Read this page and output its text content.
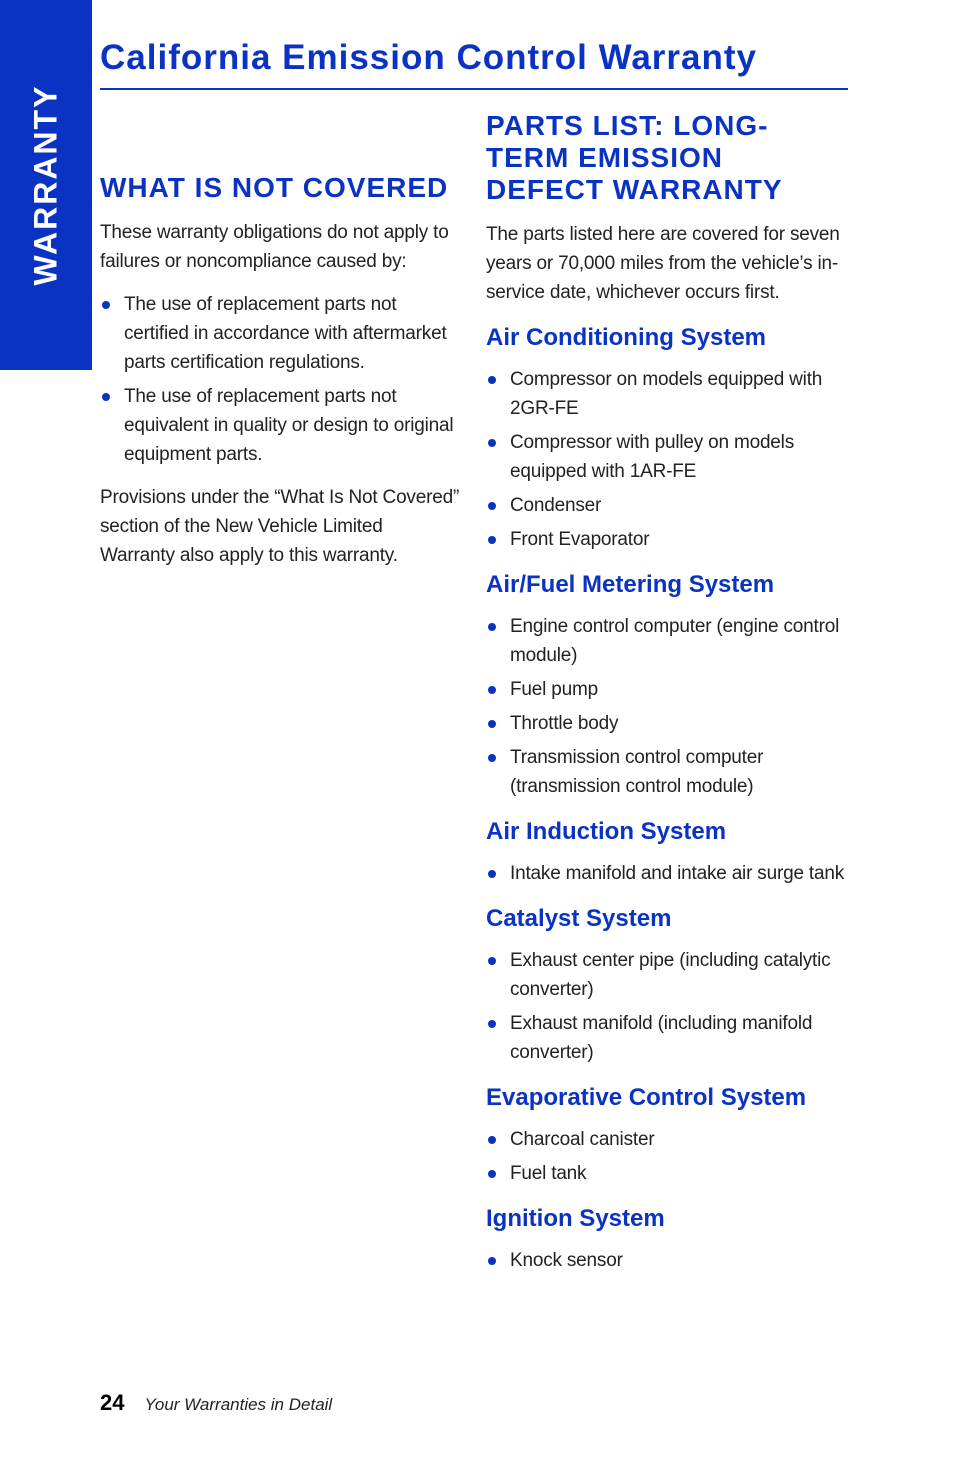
WARRANTY
California Emission Control Warranty
WHAT IS NOT COVERED

These warranty obligations do not apply to failures or noncompliance caused by:

The use of replacement parts not certified in accordance with aftermarket parts certification regulations.
The use of replacement parts not equivalent in quality or design to original equipment parts.

Provisions under the “What Is Not Covered” section of the New Vehicle Limited Warranty also apply to this warranty.

PARTS LIST: LONG-TERM EMISSION DEFECT WARRANTY

The parts listed here are covered for seven years or 70,000 miles from the vehicle’s in-service date, whichever occurs first.

Air Conditioning System
Compressor on models equipped with 2GR-FE
Compressor with pulley on models equipped with 1AR-FE
Condenser
Front Evaporator
Air/Fuel Metering System
Engine control computer (engine control module)
Fuel pump
Throttle body
Transmission control computer (transmission control module)
Air Induction System
Intake manifold and intake air surge tank
Catalyst System
Exhaust center pipe (including catalytic converter)
Exhaust manifold (including manifold converter)
Evaporative Control System
Charcoal canister
Fuel tank
Ignition System
Knock sensor
24 Your Warranties in Detail
